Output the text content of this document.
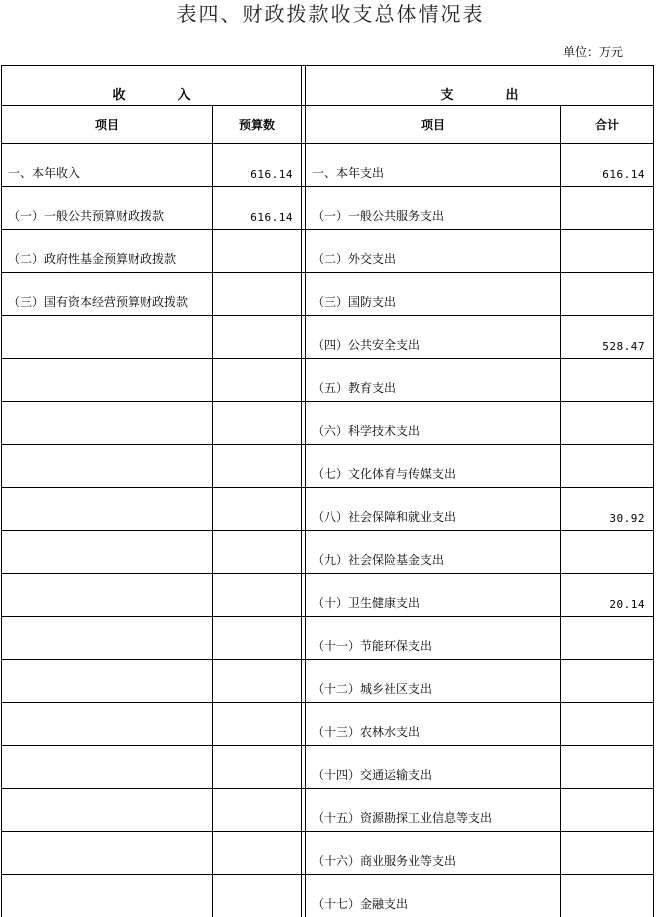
表四、财政拨款收支总体情况表
单位：万元
收 入			支 出	
项目	预算数		项目	合计
一、本年收入	616.14		一、本年支出	616.14
（一）一般公共预算财政拨款	616.14		（一）一般公共服务支出	
（二）政府性基金预算财政拨款			（二）外交支出	
（三）国有资本经营预算财政拨款			（三）国防支出	
			（四）公共安全支出	528.47
			（五）教育支出	
			（六）科学技术支出	
			（七）文化体育与传媒支出	
			（八）社会保障和就业支出	30.92
			（九）社会保险基金支出	
			（十）卫生健康支出	20.14
			（十一）节能环保支出	
			（十二）城乡社区支出	
			（十三）农林水支出	
			（十四）交通运输支出	
			（十五）资源勘探工业信息等支出	
			（十六）商业服务业等支出	
			（十七）金融支出	
